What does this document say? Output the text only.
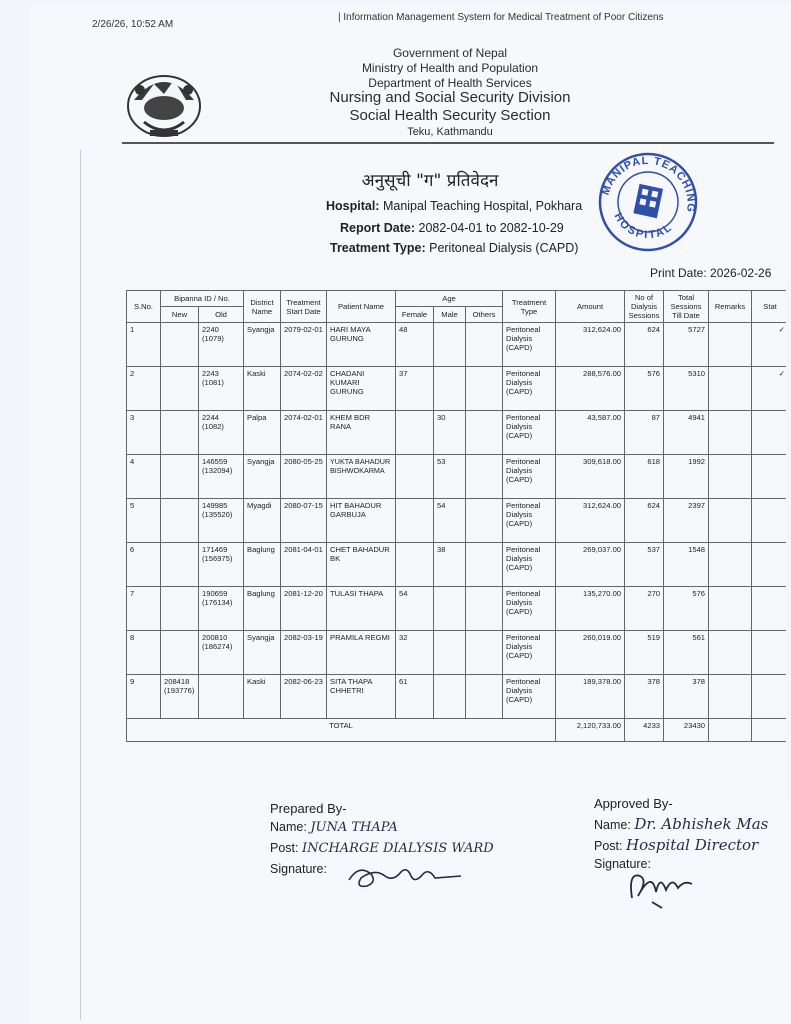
2/26/26, 10:52 AM
| Information Management System for Medical Treatment of Poor Citizens
Government of Nepal
Ministry of Health and Population
Department of Health Services
Nursing and Social Security Division
Social Health Security Section
Teku, Kathmandu
अनुसूची "ग" प्रतिवेदन
Hospital: Manipal Teaching Hospital, Pokhara
Report Date: 2082-04-01 to 2082-10-29
Treatment Type: Peritoneal Dialysis (CAPD)
Print Date: 2026-02-26
MANIPAL TEACHING
HOSPITAL
S.No.	Bipanna ID / No.		District Name	Treatment Start Date	Patient Name	Age			Treatment Type	Amount	No of Dialysis Sessions	Total Sessions Till Date	Remarks	Stat
	New	Old				Female	Male	Others						
1		2240
(1079)	Syangja	2079-02-01	HARI MAYA GURUNG	48			Peritoneal Dialysis (CAPD)	312,624.00	624	5727		✓
2		2243
(1081)	Kaski	2074-02-02	CHADANI KUMARI GURUNG	37			Peritoneal Dialysis (CAPD)	288,576.00	576	5310		✓
3		2244
(1082)	Palpa	2074-02-01	KHEM BDR RANA		30		Peritoneal Dialysis (CAPD)	43,587.00	87	4941		
4		146559
(132094)	Syangja	2080-05-25	YUKTA BAHADUR BISHWOKARMA		53		Peritoneal Dialysis (CAPD)	309,618.00	618	1992		
5		149985
(135520)	Myagdi	2080-07-15	HIT BAHADUR GARBUJA		54		Peritoneal Dialysis (CAPD)	312,624.00	624	2397		
6		171469
(156975)	Baglung	2081-04-01	CHET BAHADUR BK		38		Peritoneal Dialysis (CAPD)	269,037.00	537	1548		
7		190659
(176134)	Baglung	2081-12-20	TULASI THAPA	54			Peritoneal Dialysis (CAPD)	135,270.00	270	576		
8		200810
(186274)	Syangja	2082-03-19	PRAMILA REGMI	32			Peritoneal Dialysis (CAPD)	260,019.00	519	561		
9	208418
(193776)		Kaski	2082-06-23	SITA THAPA CHHETRI	61			Peritoneal Dialysis (CAPD)	189,378.00	378	378		
TOTAL										2,120,733.00	4233	23430		
Prepared By-
Name: JUNA THAPA
Post: INCHARGE DIALYSIS WARD
Signature:
Approved By-
Name: Dr. Abhishek Mas
Post: Hospital Director
Signature:
